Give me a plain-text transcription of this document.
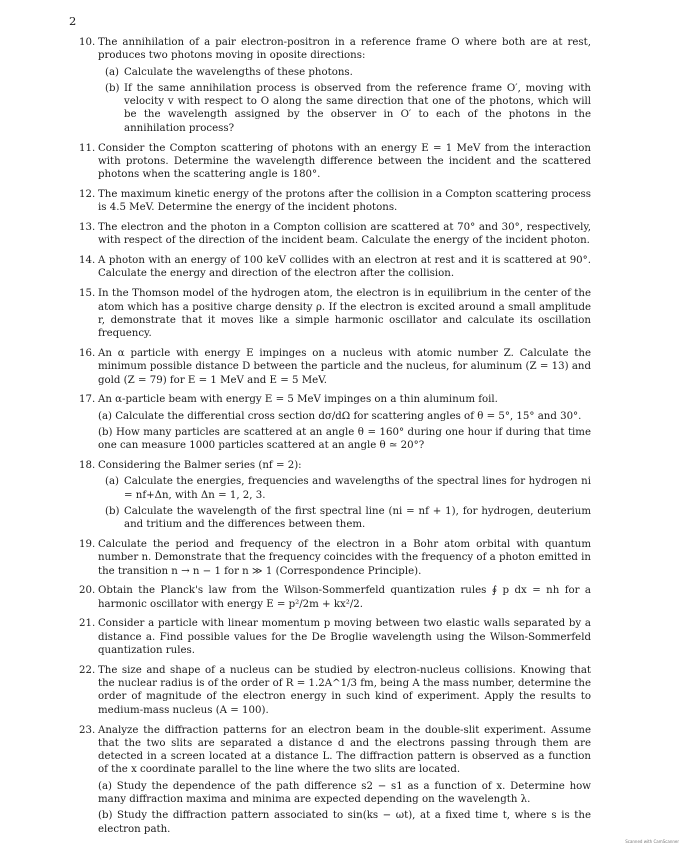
2
10. The annihilation of a pair electron-positron in a reference frame O where both are at rest, produces two photons moving in oposite directions:
(a) Calculate the wavelengths of these photons.
(b) If the same annihilation process is observed from the reference frame O′, moving with velocity v with respect to O along the same direction that one of the photons, which will be the wavelength assigned by the observer in O′ to each of the photons in the annihilation process?
11. Consider the Compton scattering of photons with an energy E = 1 MeV from the interaction with protons. Determine the wavelength difference between the incident and the scattered photons when the scattering angle is 180°.
12. The maximum kinetic energy of the protons after the collision in a Compton scattering process is 4.5 MeV. Determine the energy of the incident photons.
13. The electron and the photon in a Compton collision are scattered at 70° and 30°, respectively, with respect of the direction of the incident beam. Calculate the energy of the incident photon.
14. A photon with an energy of 100 keV collides with an electron at rest and it is scattered at 90°. Calculate the energy and direction of the electron after the collision.
15. In the Thomson model of the hydrogen atom, the electron is in equilibrium in the center of the atom which has a positive charge density ρ. If the electron is excited around a small amplitude r, demonstrate that it moves like a simple harmonic oscillator and calculate its oscillation frequency.
16. An α particle with energy E impinges on a nucleus with atomic number Z. Calculate the minimum possible distance D between the particle and the nucleus, for aluminum (Z = 13) and gold (Z = 79) for E = 1 MeV and E = 5 MeV.
17. An α-particle beam with energy E = 5 MeV impinges on a thin aluminum foil.
(a) Calculate the differential cross section dσ/dΩ for scattering angles of θ = 5°, 15° and 30°.
(b) How many particles are scattered at an angle θ = 160° during one hour if during that time one can measure 1000 particles scattered at an angle θ ≃ 20°?
18. Considering the Balmer series (nf = 2):
(a) Calculate the energies, frequencies and wavelengths of the spectral lines for hydrogen ni = nf+Δn, with Δn = 1, 2, 3.
(b) Calculate the wavelength of the first spectral line (ni = nf + 1), for hydrogen, deuterium and tritium and the differences between them.
19. Calculate the period and frequency of the electron in a Bohr atom orbital with quantum number n. Demonstrate that the frequency coincides with the frequency of a photon emitted in the transition n → n − 1 for n ≫ 1 (Correspondence Principle).
20. Obtain the Planck's law from the Wilson-Sommerfeld quantization rules ∮ p dx = nh for a harmonic oscillator with energy E = p²/2m + kx²/2.
21. Consider a particle with linear momentum p moving between two elastic walls separated by a distance a. Find possible values for the De Broglie wavelength using the Wilson-Sommerfeld quantization rules.
22. The size and shape of a nucleus can be studied by electron-nucleus collisions. Knowing that the nuclear radius is of the order of R = 1.2A^1/3 fm, being A the mass number, determine the order of magnitude of the electron energy in such kind of experiment. Apply the results to medium-mass nucleus (A = 100).
23. Analyze the diffraction patterns for an electron beam in the double-slit experiment. Assume that the two slits are separated a distance d and the electrons passing through them are detected in a screen located at a distance L. The diffraction pattern is observed as a function of the x coordinate parallel to the line where the two slits are located.
(a) Study the dependence of the path difference s2 − s1 as a function of x. Determine how many diffraction maxima and minima are expected depending on the wavelength λ.
(b) Study the diffraction pattern associated to sin(ks − ωt), at a fixed time t, where s is the electron path.
Scanned with CamScanner
